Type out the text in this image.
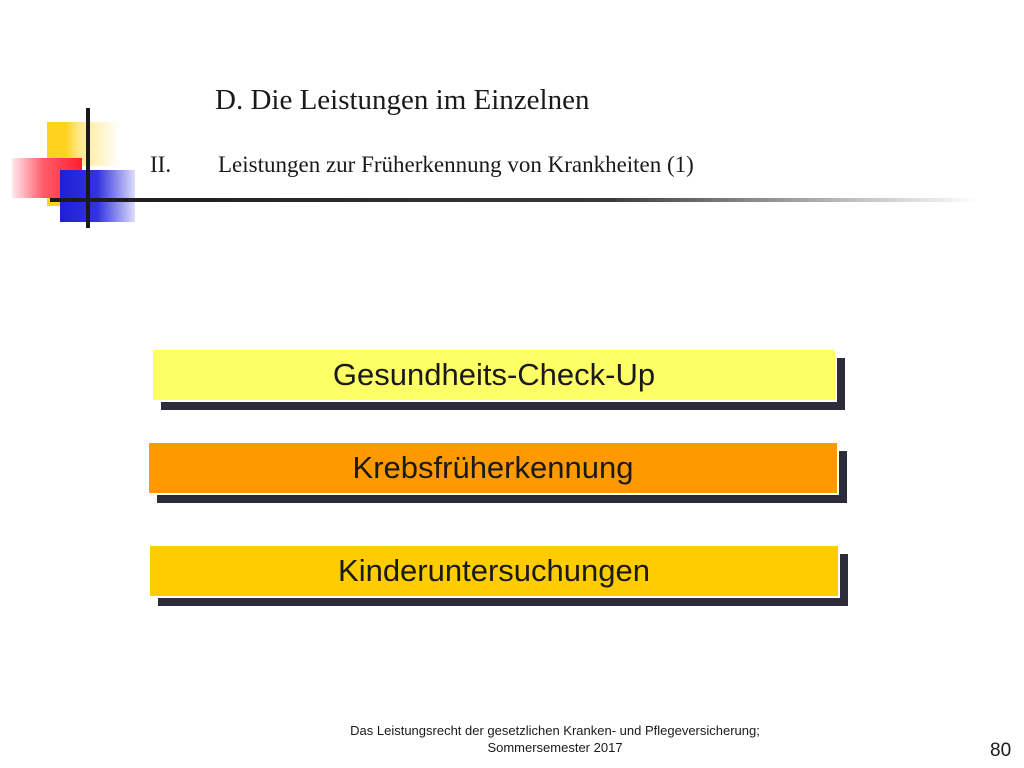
D. Die Leistungen im Einzelnen
II. Leistungen zur Früherkennung von Krankheiten (1)
Gesundheits-Check-Up
Krebsfrüherkennung
Kinderuntersuchungen
Das Leistungsrecht der gesetzlichen Kranken- und Pflegeversicherung;
Sommersemester 2017	80
